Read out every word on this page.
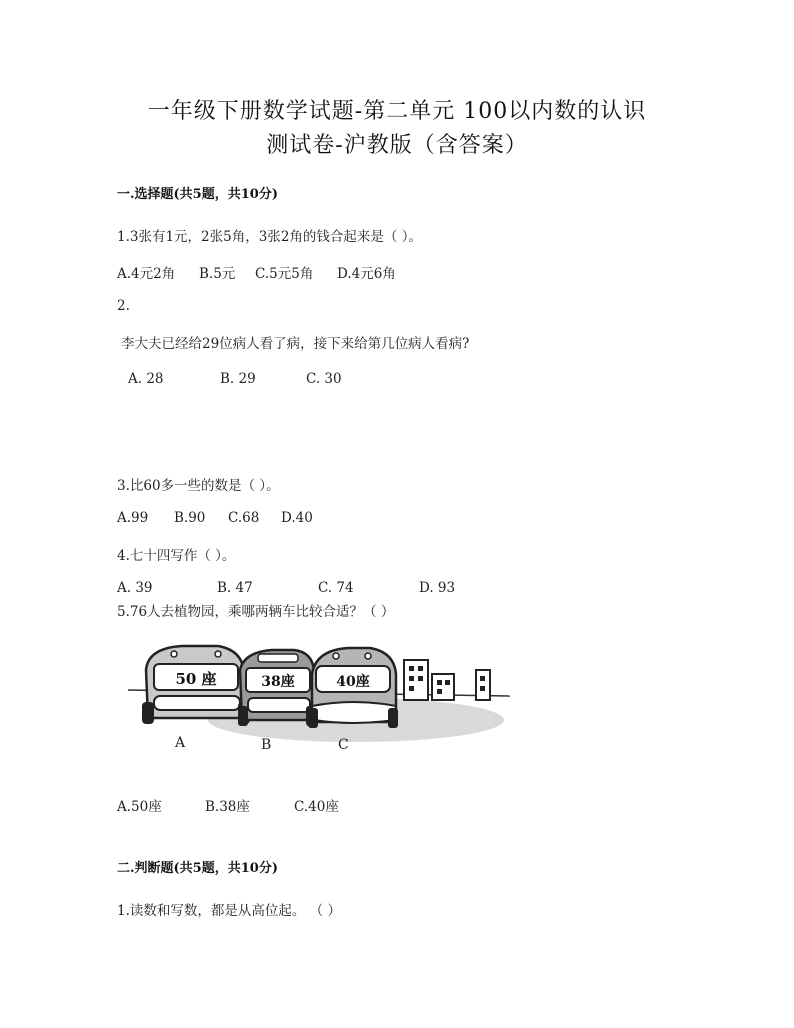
一年级下册数学试题-第二单元 100以内数的认识
测试卷-沪教版（含答案）
一.选择题(共5题，共10分)
1.3张有1元，2张5角，3张2角的钱合起来是（ ）。
A.4元2角 B.5元 C.5元5角 D.4元6角
2.
李大夫已经给29位病人看了病，接下来给第几位病人看病?
A. 28	B. 29	C. 30
3.比60多一些的数是（ ）。
A.99 B.90 C.68 D.40
4.七十四写作（ ）。
A. 39	B. 47	C. 74	D. 93
5.76人去植物园，乘哪两辆车比较合适？（ ）
50 座	38座	40座
A	B	C
A.50座	B.38座	C.40座
二.判断题(共5题，共10分)
1.读数和写数，都是从高位起。 （ ）
